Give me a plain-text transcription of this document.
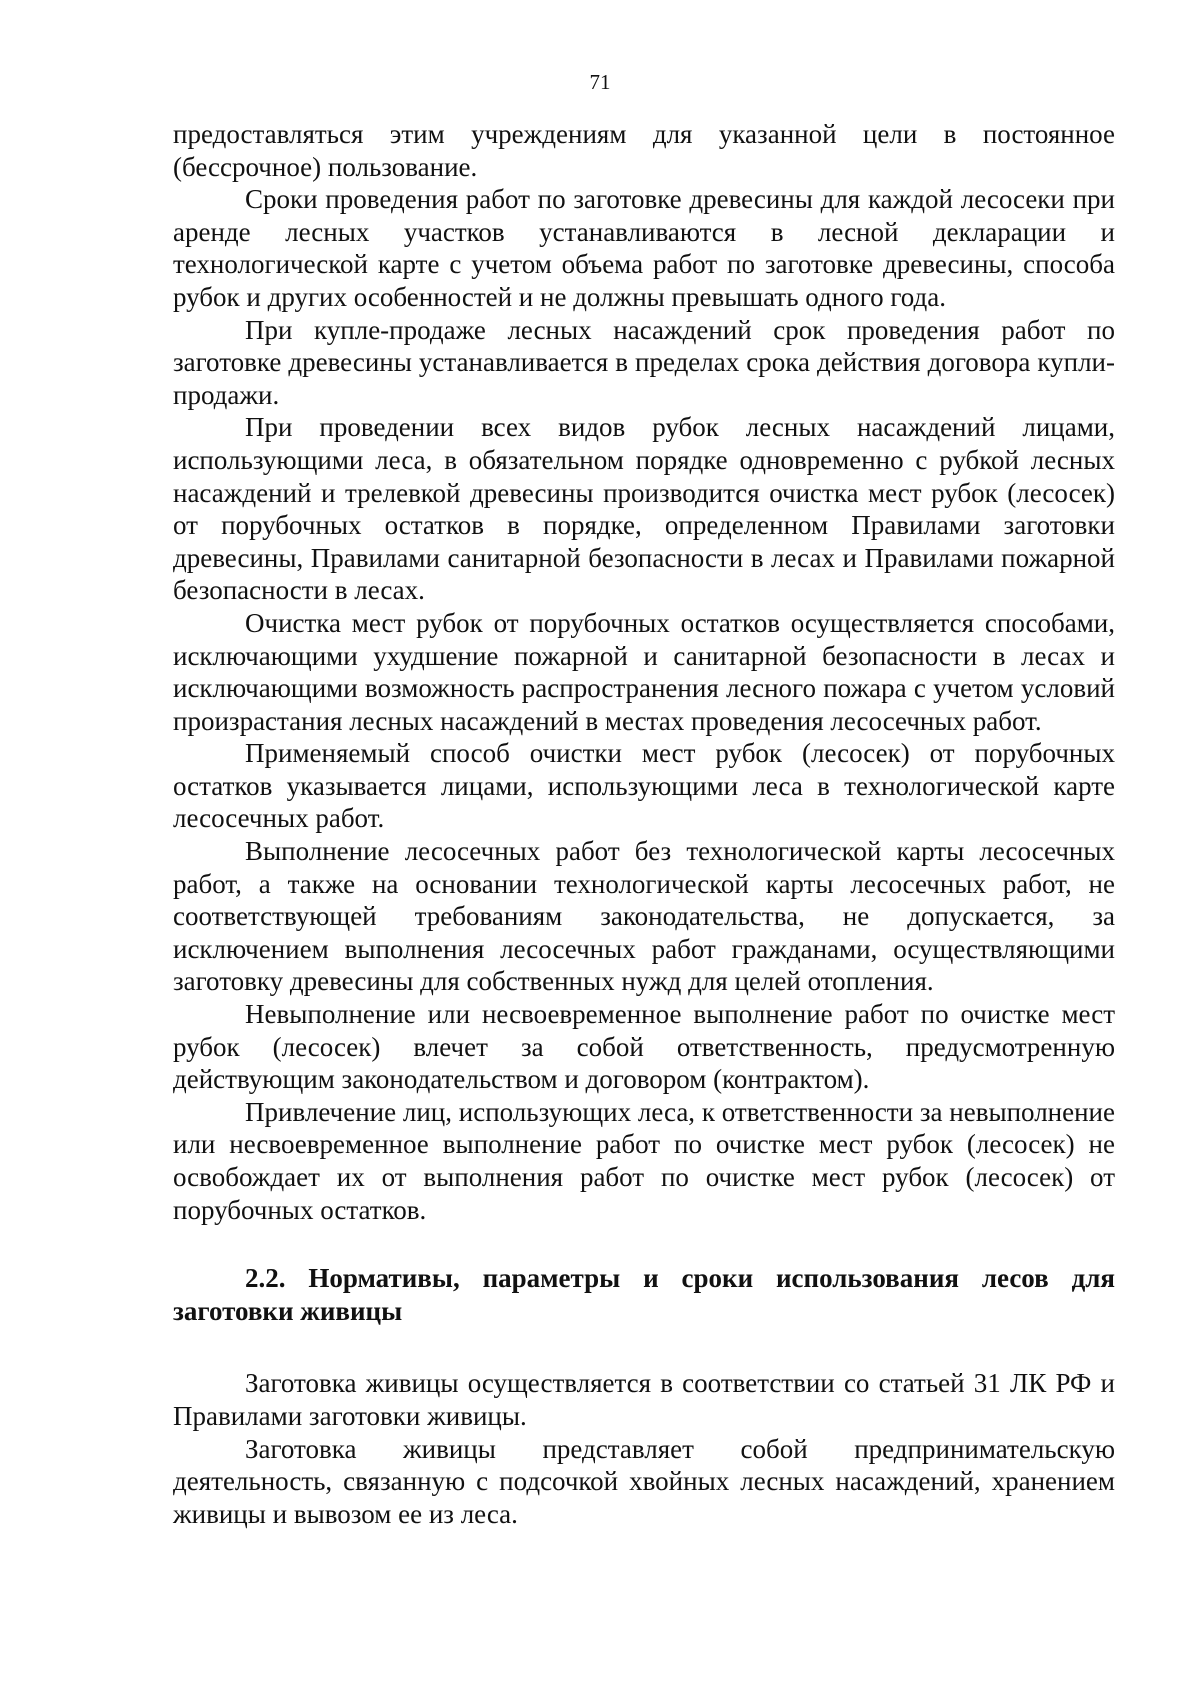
71

предоставляться этим учреждениям для указанной цели в постоянное (бессрочное) пользование.

Сроки проведения работ по заготовке древесины для каждой лесосеки при аренде лесных участков устанавливаются в лесной декларации и технологической карте с учетом объема работ по заготовке древесины, способа рубок и других особенностей и не должны превышать одного года.

При купле-продаже лесных насаждений срок проведения работ по заготовке древесины устанавливается в пределах срока действия договора купли-продажи.

При проведении всех видов рубок лесных насаждений лицами, использующими леса, в обязательном порядке одновременно с рубкой лесных насаждений и трелевкой древесины производится очистка мест рубок (лесосек) от порубочных остатков в порядке, определенном Правилами заготовки древесины, Правилами санитарной безопасности в лесах и Правилами пожарной безопасности в лесах.

Очистка мест рубок от порубочных остатков осуществляется способами, исключающими ухудшение пожарной и санитарной безопасности в лесах и исключающими возможность распространения лесного пожара с учетом условий произрастания лесных насаждений в местах проведения лесосечных работ.

Применяемый способ очистки мест рубок (лесосек) от порубочных остатков указывается лицами, использующими леса в технологической карте лесосечных работ.

Выполнение лесосечных работ без технологической карты лесосечных работ, а также на основании технологической карты лесосечных работ, не соответствующей требованиям законодательства, не допускается, за исключением выполнения лесосечных работ гражданами, осуществляющими заготовку древесины для собственных нужд для целей отопления.

Невыполнение или несвоевременное выполнение работ по очистке мест рубок (лесосек) влечет за собой ответственность, предусмотренную действующим законодательством и договором (контрактом).

Привлечение лиц, использующих леса, к ответственности за невыполнение или несвоевременное выполнение работ по очистке мест рубок (лесосек) не освобождает их от выполнения работ по очистке мест рубок (лесосек) от порубочных остатков.

2.2. Нормативы, параметры и сроки использования лесов для заготовки живицы

Заготовка живицы осуществляется в соответствии со статьей 31 ЛК РФ и Правилами заготовки живицы.

Заготовка живицы представляет собой предпринимательскую деятельность, связанную с подсочкой хвойных лесных насаждений, хранением живицы и вывозом ее из леса.
